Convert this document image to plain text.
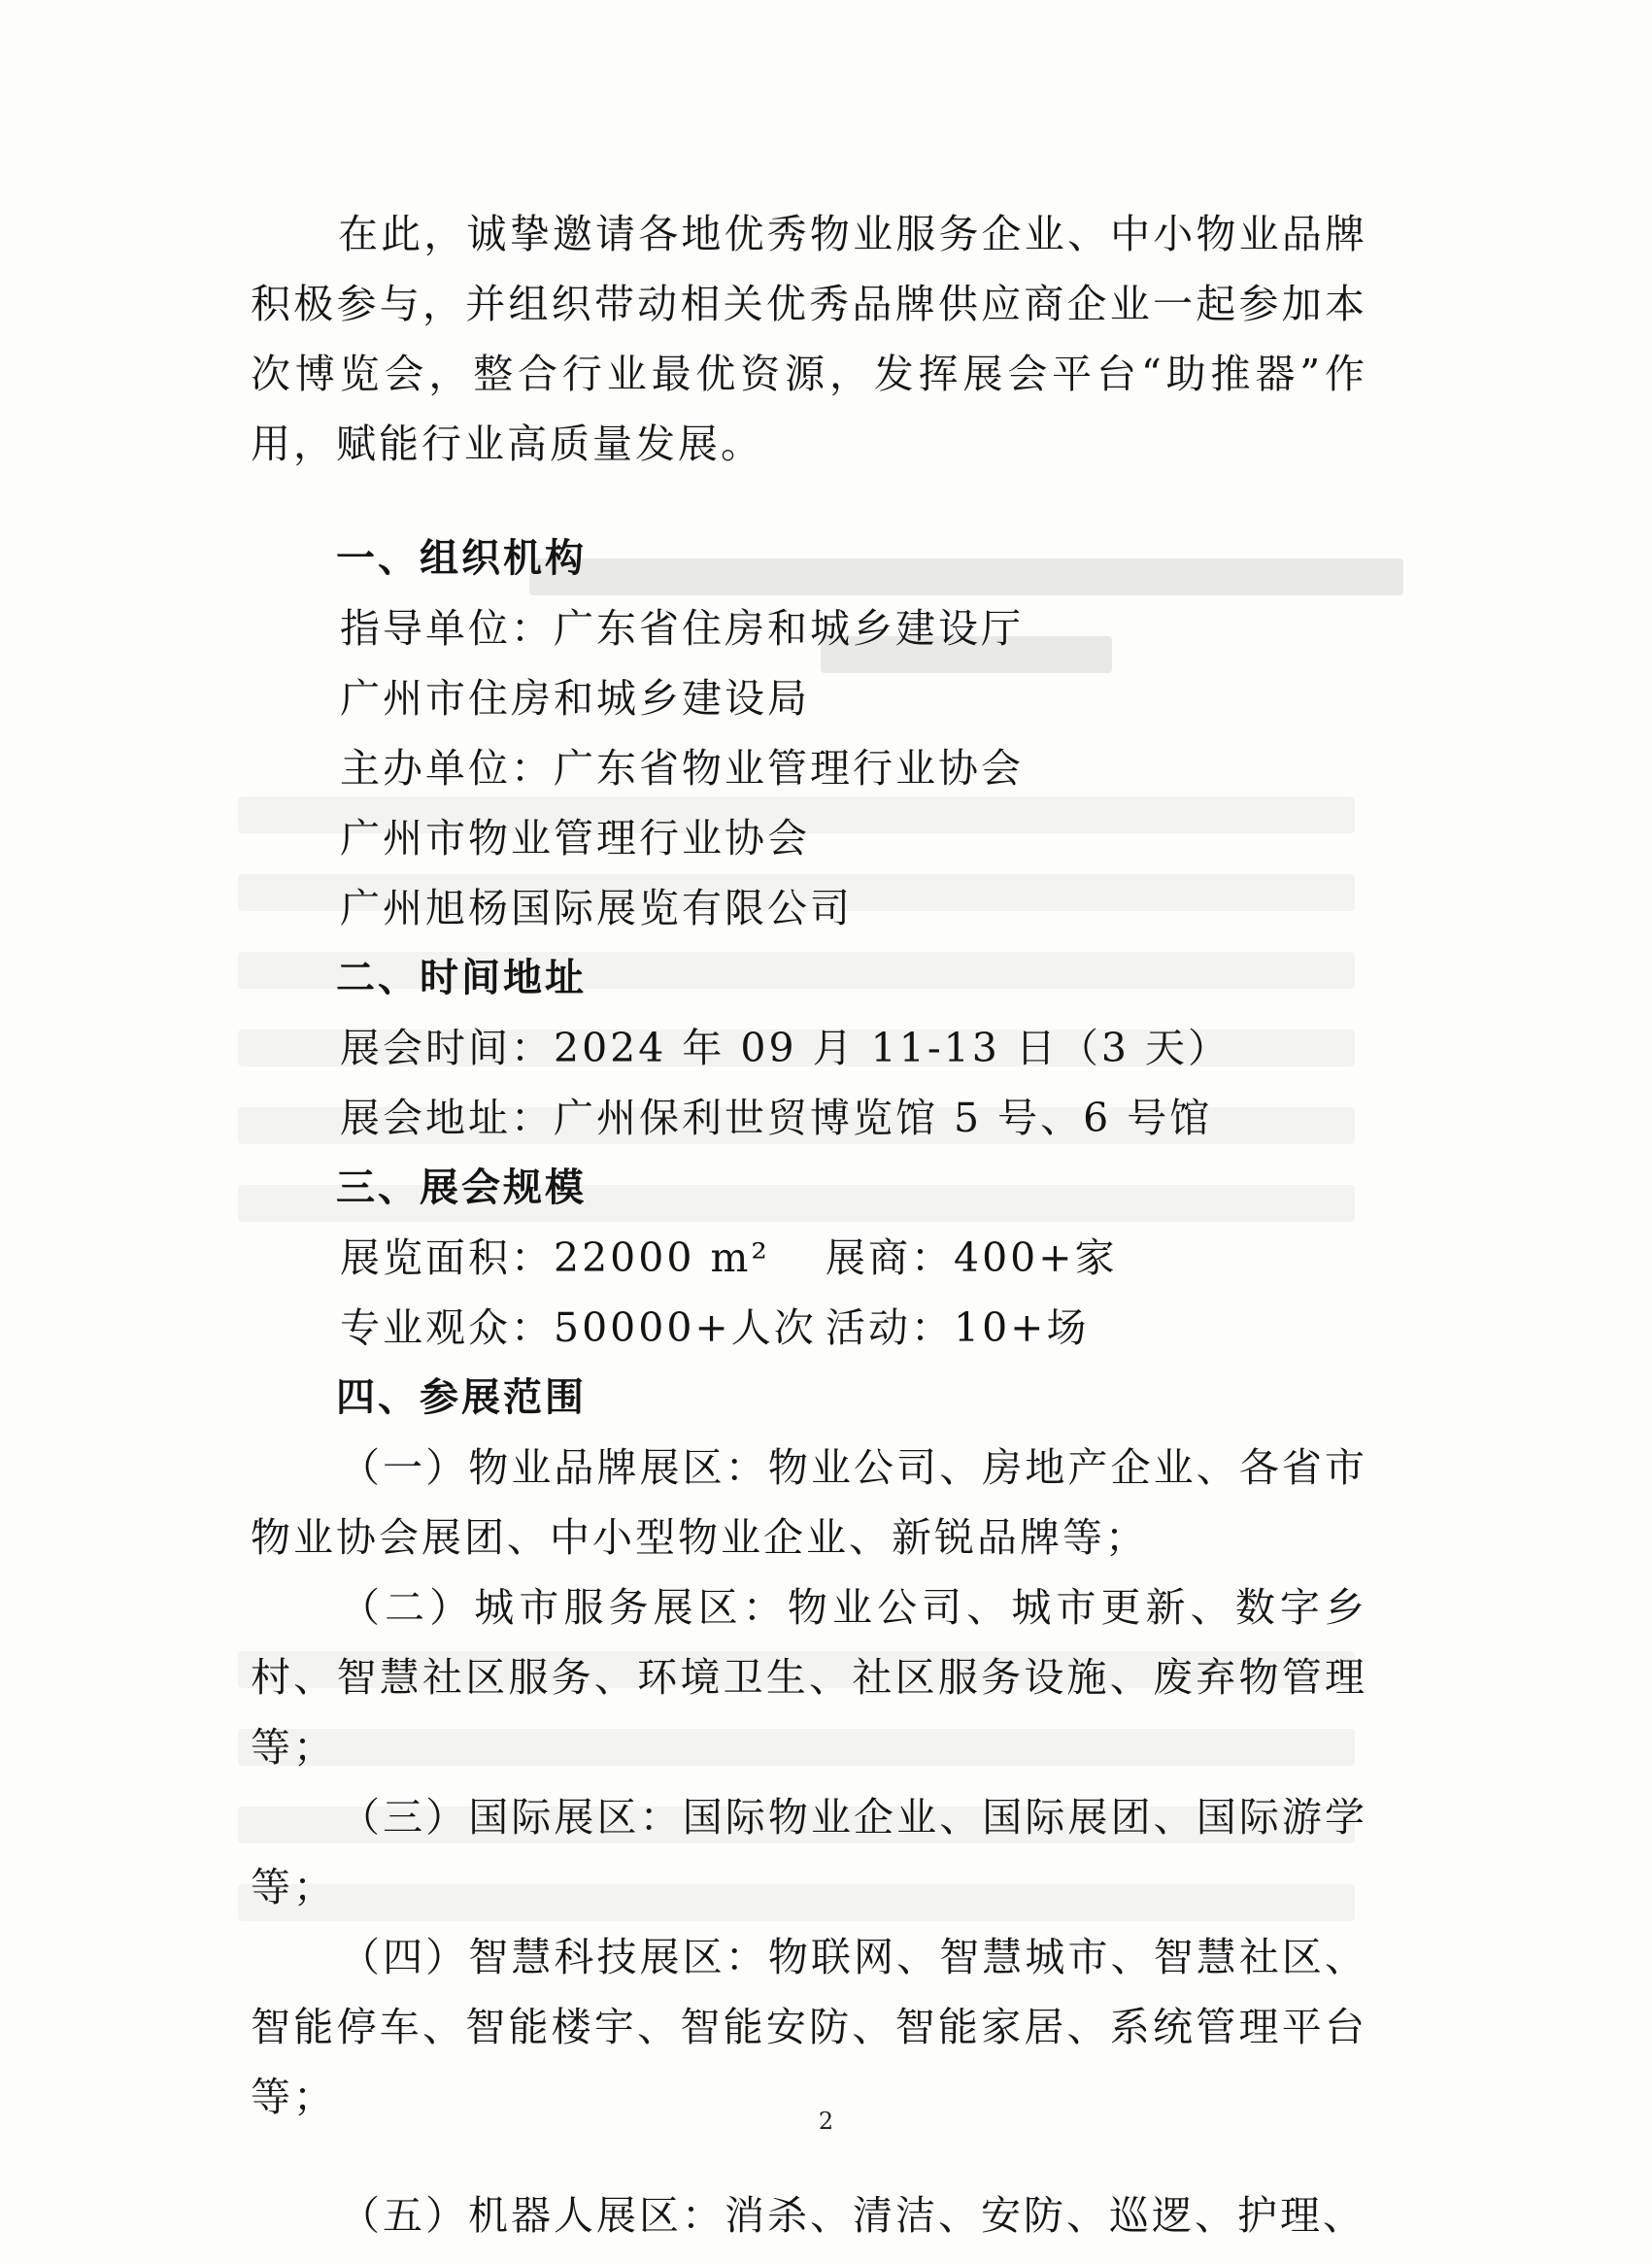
在此，诚挚邀请各地优秀物业服务企业、中小物业品牌积极参与，并组织带动相关优秀品牌供应商企业一起参加本次博览会，整合行业最优资源，发挥展会平台“助推器”作用，赋能行业高质量发展。

一、组织机构

指导单位：广东省住房和城乡建设厅

广州市住房和城乡建设局

主办单位：广东省物业管理行业协会

广州市物业管理行业协会

广州旭杨国际展览有限公司

二、时间地址

展会时间：2024 年 09 月 11-13 日（3 天）

展会地址：广州保利世贸博览馆 5 号、6 号馆

三、展会规模

展览面积：22000 m² 展商：400+家

专业观众：50000+人次 活动：10+场

四、参展范围

（一）物业品牌展区：物业公司、房地产企业、各省市物业协会展团、中小型物业企业、新锐品牌等；

（二）城市服务展区：物业公司、城市更新、数字乡村、智慧社区服务、环境卫生、社区服务设施、废弃物管理等；

（三）国际展区：国际物业企业、国际展团、国际游学等；

（四）智慧科技展区：物联网、智慧城市、智慧社区、智能停车、智能楼宇、智能安防、智能家居、系统管理平台等；

（五）机器人展区：消杀、清洁、安防、巡逻、护理、

2
